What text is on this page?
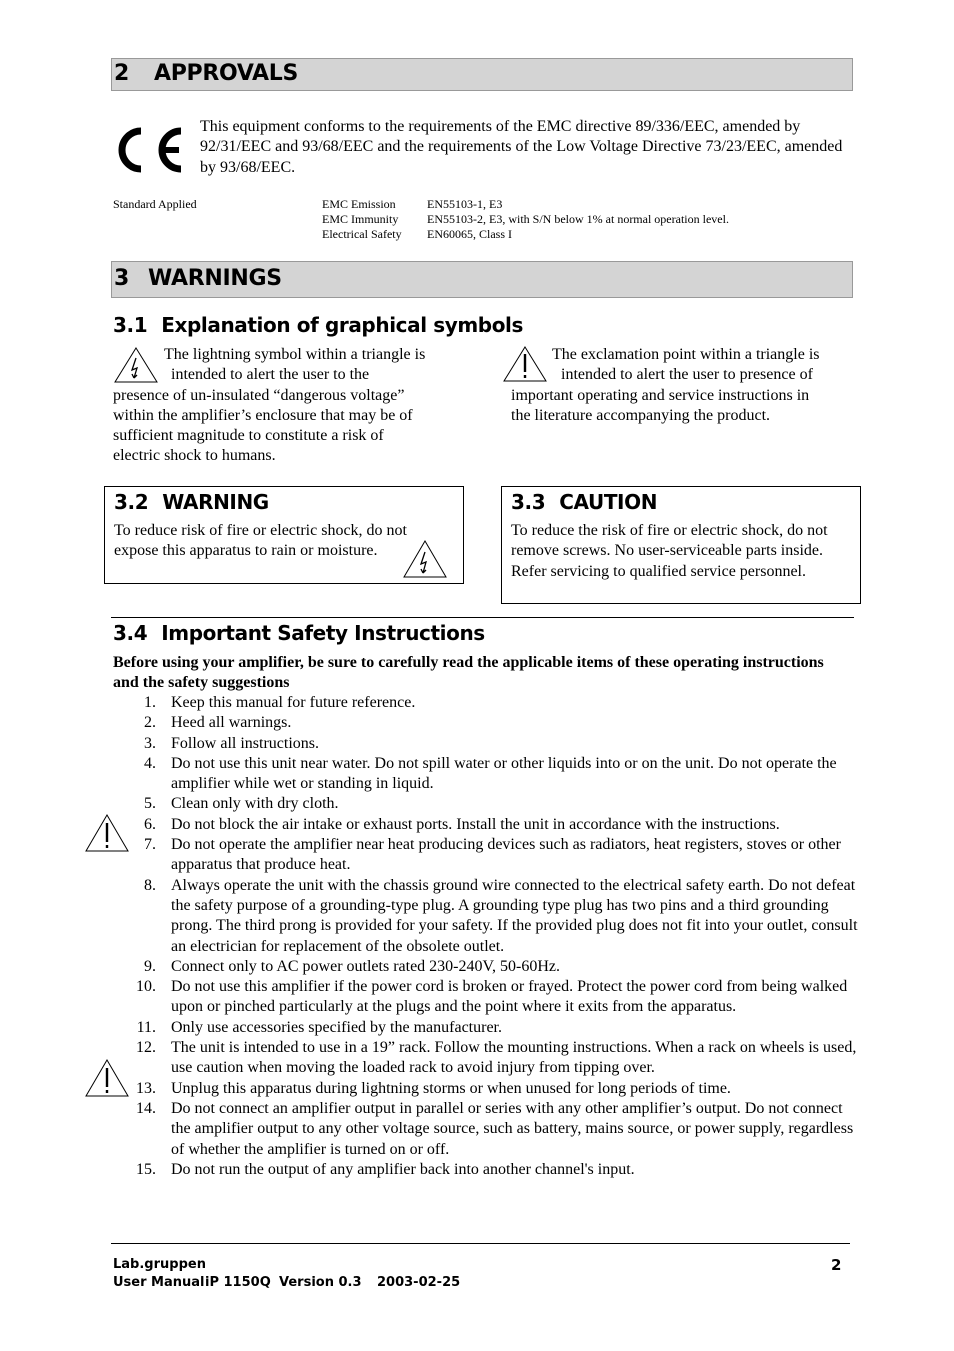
2 APPROVALS
This equipment conforms to the requirements of the EMC directive 89/336/EEC, amended by 92/31/EEC and 93/68/EEC and the requirements of the Low Voltage Directive 73/23/EEC, amended by 93/68/EEC.
Standard Applied	EMC Emission
EMC Immunity
Electrical Safety
EN55103-1, E3
EN55103-2, E3, with S/N below 1% at normal operation level.
EN60065, Class I
3 WARNINGS
3.1 Explanation of graphical symbols
The lightning symbol within a triangle is
intended to alert the user to the
presence of un-insulated “dangerous voltage”
within the amplifier’s enclosure that may be of
sufficient magnitude to constitute a risk of
electric shock to humans.
The exclamation point within a triangle is
intended to alert the user to presence of
important operating and service instructions in
the literature accompanying the product.
3.2 WARNING
To reduce risk of fire or electric shock, do not expose this apparatus to rain or moisture.
3.3 CAUTION
To reduce the risk of fire or electric shock, do not remove screws. No user-serviceable parts inside. Refer servicing to qualified service personnel.
3.4 Important Safety Instructions
Before using your amplifier, be sure to carefully read the applicable items of these operating instructions and the safety suggestions
1. Keep this manual for future reference.
2. Heed all warnings.
3. Follow all instructions.
4. Do not use this unit near water. Do not spill water or other liquids into or on the unit. Do not operate the amplifier while wet or standing in liquid.
5. Clean only with dry cloth.
6. Do not block the air intake or exhaust ports. Install the unit in accordance with the instructions.
7. Do not operate the amplifier near heat producing devices such as radiators, heat registers, stoves or other apparatus that produce heat.
8. Always operate the unit with the chassis ground wire connected to the electrical safety earth. Do not defeat the safety purpose of a grounding-type plug. A grounding type plug has two pins and a third grounding prong. The third prong is provided for your safety. If the provided plug does not fit into your outlet, consult an electrician for replacement of the obsolete outlet.
9. Connect only to AC power outlets rated 230-240V, 50-60Hz.
10. Do not use this amplifier if the power cord is broken or frayed. Protect the power cord from being walked upon or pinched particularly at the plugs and the point where it exits from the apparatus.
11. Only use accessories specified by the manufacturer.
12. The unit is intended to use in a 19” rack. Follow the mounting instructions. When a rack on wheels is used, use caution when moving the loaded rack to avoid injury from tipping over.
13. Unplug this apparatus during lightning storms or when unused for long periods of time.
14. Do not connect an amplifier output in parallel or series with any other amplifier’s output. Do not connect the amplifier output to any other voltage source, such as battery, mains source, or power supply, regardless of whether the amplifier is turned on or off.
15. Do not run the output of any amplifier back into another channel's input.
Lab.gruppen
User Manual iP 1150Q Version 0.3 2003-02-25
2
